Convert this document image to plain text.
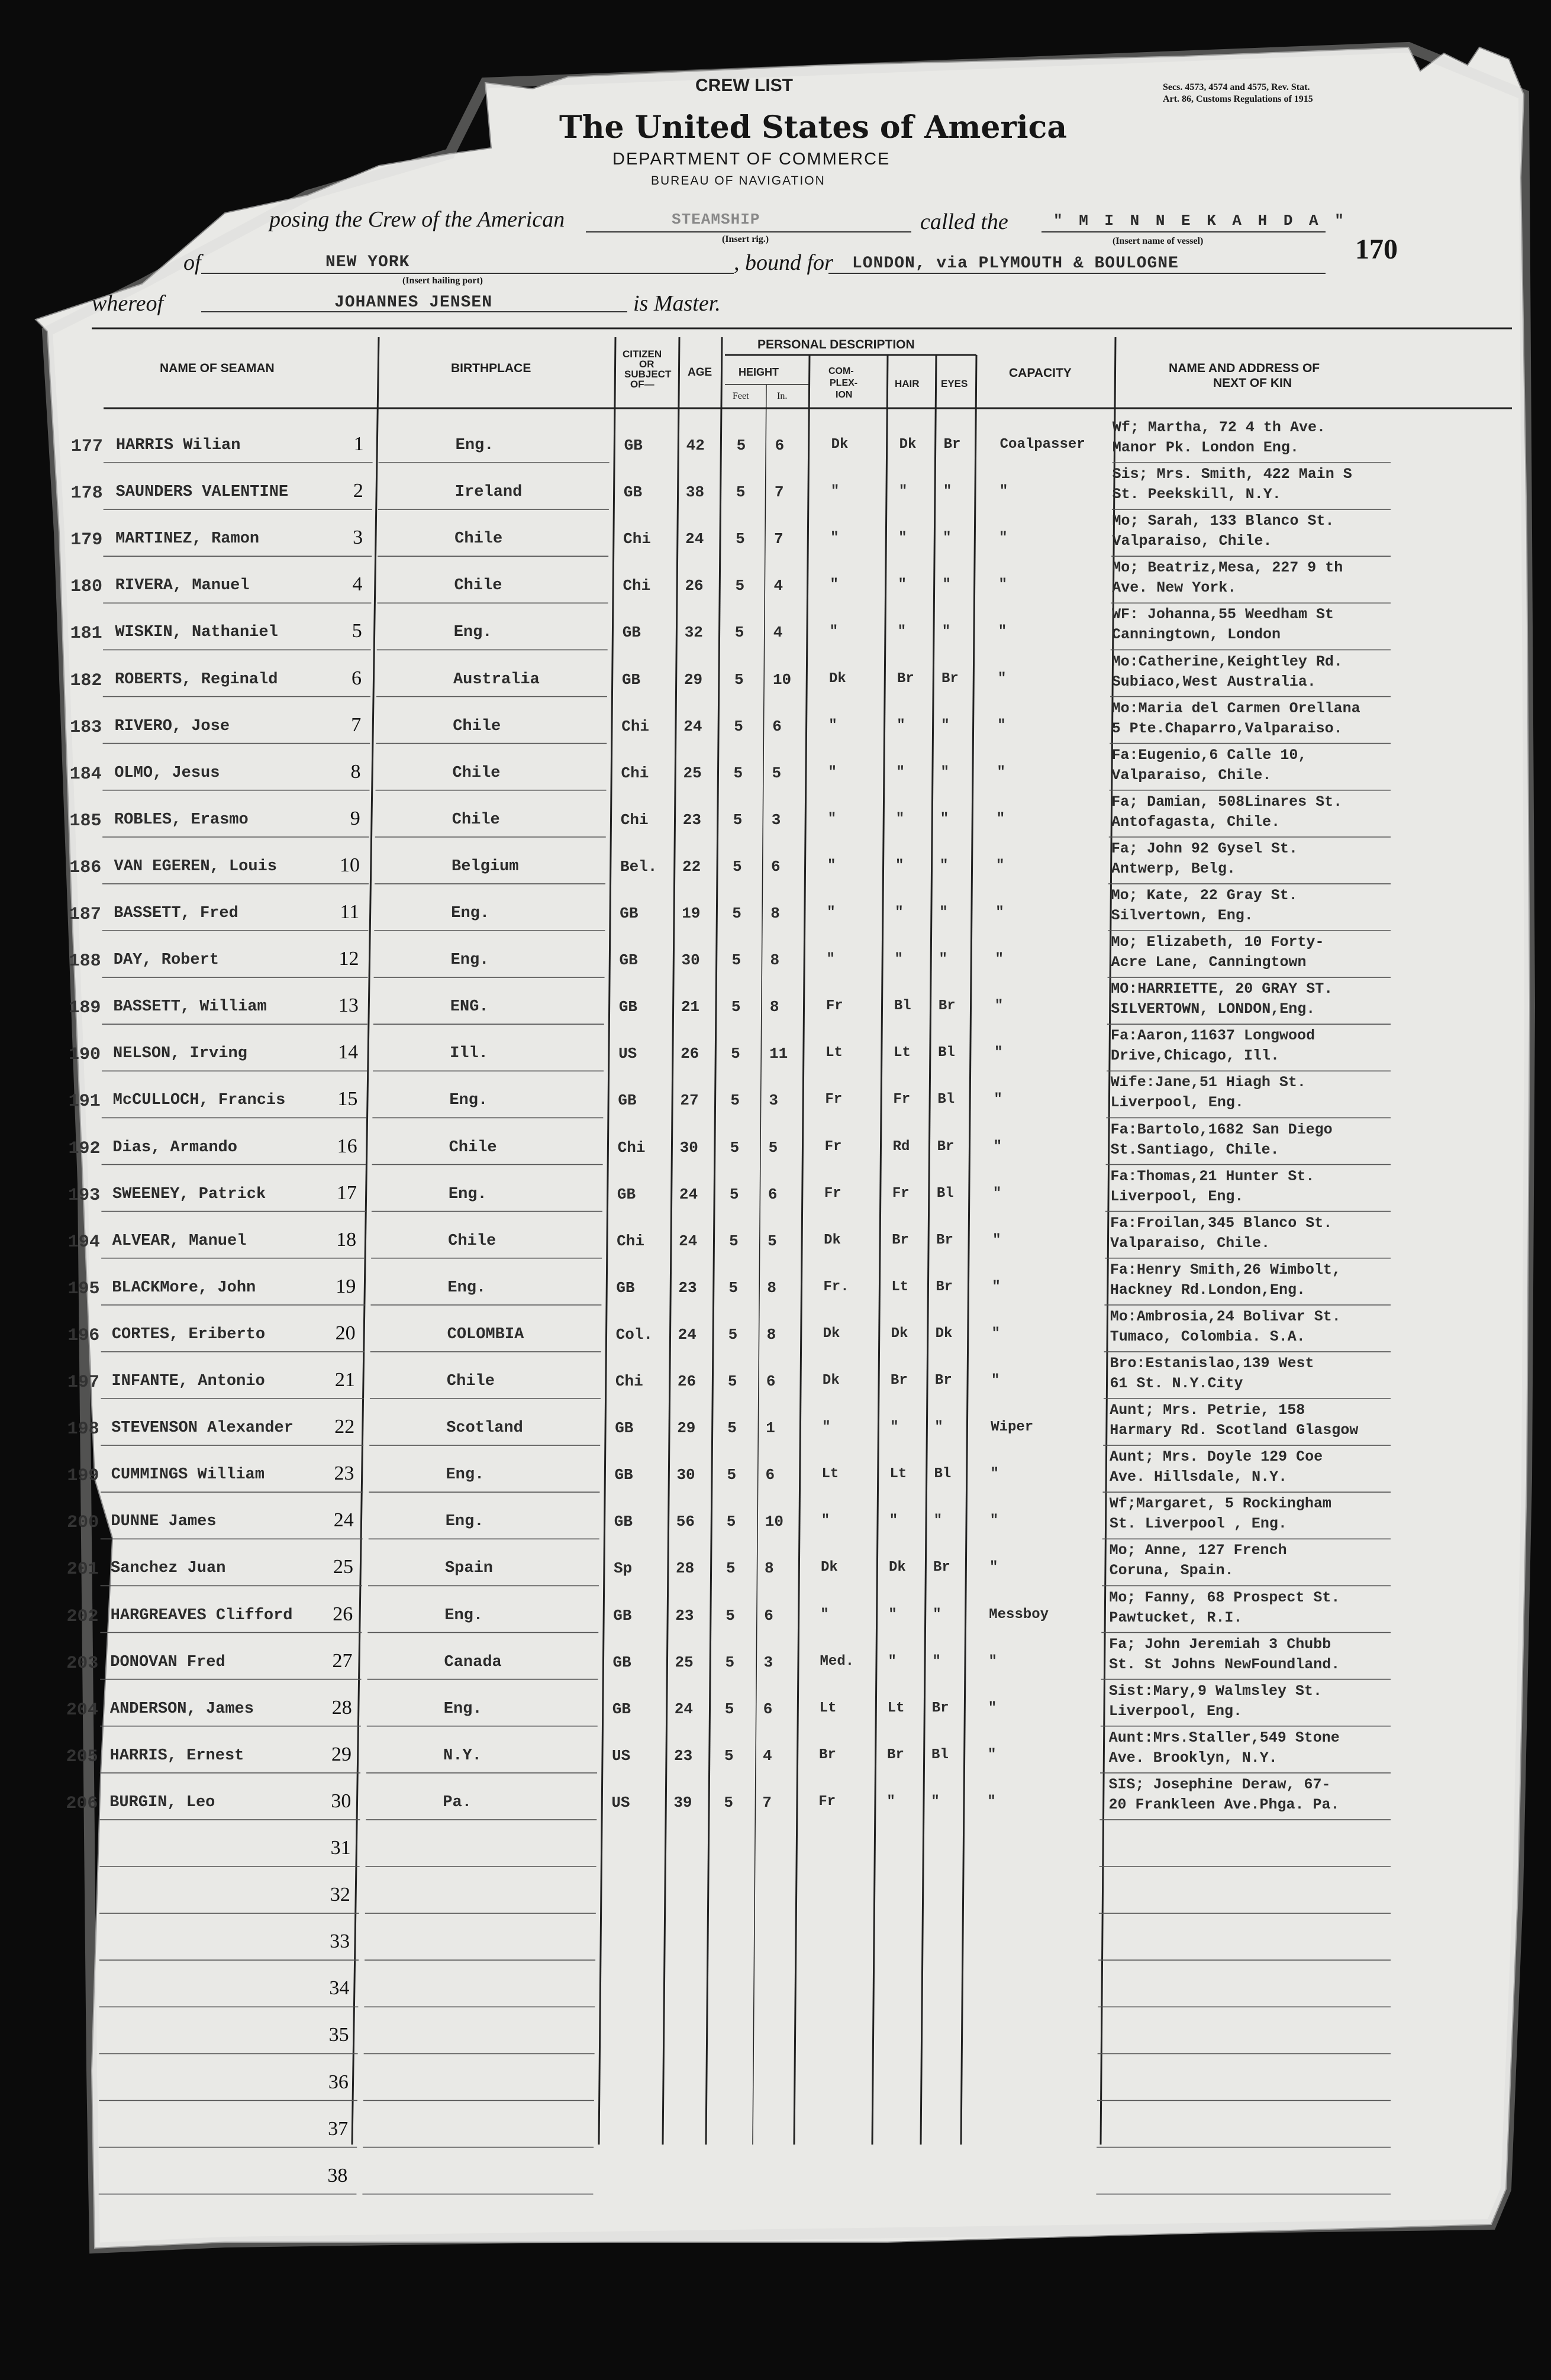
CREW LIST	Secs. 4573, 4574 and 4575, Rev. Stat.
Art. 86, Customs Regulations of 1915
The United States of America
DEPARTMENT OF COMMERCE
BUREAU OF NAVIGATION
170
posing the Crew of the American	STEAMSHIP
(Insert rig.)
called the	" M I N N E K A H D A "
(Insert name of vessel)
of	NEW YORK
(Insert hailing port)
, bound for LONDON, via PLYMOUTH & BOULOGNE
whereof	JOHANNES JENSEN	is Master.
NAME OF SEAMAN	BIRTHPLACE
CITIZEN
OR
SUBJECT
OF—
AGE
PERSONAL DESCRIPTION
HEIGHT
Feet	In.
COM-
PLEX-
ION
HAIR EYES
CAPACITY	NAME AND ADDRESS OF
NEXT OF KIN
177 HARRIS Wilian	1	Eng.	GB	42 5 6	Dk	Dk Br	Coalpasser
Wf; Martha, 72 4 th Ave.
Manor Pk. London Eng.
178 SAUNDERS VALENTINE	2	Ireland	GB	38 5 7	"	"	"	"
Sis; Mrs. Smith, 422 Main S
St. Peekskill, N.Y.
179 MARTINEZ, Ramon	3	Chile	Chi 24 5 7	"	"	"	"
Mo; Sarah, 133 Blanco St.
Valparaiso, Chile.
180 RIVERA, Manuel	4	Chile	Chi 26 5 4	"	"	"	"
Mo; Beatriz,Mesa, 227 9 th
Ave. New York.
181 WISKIN, Nathaniel	5	Eng.	GB	32 5 4	"	"	"	"
WF: Johanna,55 Weedham St
Canningtown, London
182 ROBERTS, Reginald	6	Australia	GB	29 5 10	Dk	Br Br	"
Mo:Catherine,Keightley Rd.
Subiaco,West Australia.
183 RIVERO, Jose	7	Chile	Chi 24 5 6	"	"	"	"
Mo:Maria del Carmen Orellana
5 Pte.Chaparro,Valparaiso.
184 OLMO, Jesus	8	Chile	Chi 25 5 5	"	"	"	"
Fa:Eugenio,6 Calle 10,
Valparaiso, Chile.
185 ROBLES, Erasmo	9	Chile	Chi 23 5 3	"	"	"	"
Fa; Damian, 508Linares St.
Antofagasta, Chile.
186 VAN EGEREN, Louis	10	Belgium	Bel. 22 5 6	"	"	"	"
Fa; John 92 Gysel St.
Antwerp, Belg.
187 BASSETT, Fred	11	Eng.	GB	19 5 8	"	"	"	"
Mo; Kate, 22 Gray St.
Silvertown, Eng.
188 DAY, Robert	12	Eng.	GB	30 5 8	"	"	"	"
Mo; Elizabeth, 10 Forty-
Acre Lane, Canningtown
189 BASSETT, William	13	ENG.	GB	21 5 8	Fr	Bl Br	"
MO:HARRIETTE, 20 GRAY ST.
SILVERTOWN, LONDON,Eng.
190 NELSON, Irving	14	Ill.	US	26 5 11	Lt	Lt Bl	"
Fa:Aaron,11637 Longwood
Drive,Chicago, Ill.
191 McCULLOCH, Francis	15	Eng.	GB	27 5 3	Fr	Fr Bl	"
Wife:Jane,51 Hiagh St.
Liverpool, Eng.
192 Dias, Armando	16	Chile	Chi 30 5 5	Fr	Rd Br	"
Fa:Bartolo,1682 San Diego
St.Santiago, Chile.
193 SWEENEY, Patrick	17	Eng.	GB	24 5 6	Fr	Fr Bl	"
Fa:Thomas,21 Hunter St.
Liverpool, Eng.
194 ALVEAR, Manuel	18	Chile	Chi 24 5 5	Dk	Br Br	"
Fa:Froilan,345 Blanco St.
Valparaiso, Chile.
195 BLACKMore, John	19	Eng.	GB	23 5 8	Fr.	Lt Br	"
Fa:Henry Smith,26 Wimbolt,
Hackney Rd.London,Eng.
196 CORTES, Eriberto	20	COLOMBIA	Col. 24 5 8	Dk	Dk Dk	"
Mo:Ambrosia,24 Bolivar St.
Tumaco, Colombia. S.A.
197 INFANTE, Antonio	21	Chile	Chi 26 5 6	Dk	Br Br	"
Bro:Estanislao,139 West
61 St. N.Y.City
198 STEVENSON Alexander	22	Scotland	GB	29 5 1	"	"	"	Wiper
Aunt; Mrs. Petrie, 158
Harmary Rd. Scotland Glasgow
199 CUMMINGS William	23	Eng.	GB	30 5 6	Lt	Lt Bl	"
Aunt; Mrs. Doyle 129 Coe
Ave. Hillsdale, N.Y.
200 DUNNE James	24	Eng.	GB	56 5 10	"	"	"	"
Wf;Margaret, 5 Rockingham
St. Liverpool , Eng.
201 Sanchez Juan	25	Spain	Sp	28 5 8	Dk	Dk Br	"
Mo; Anne, 127 French
Coruna, Spain.
202 HARGREAVES Clifford	26	Eng.	GB	23 5 6	"	"	"	Messboy
Mo; Fanny, 68 Prospect St.
Pawtucket, R.I.
203 DONOVAN Fred	27	Canada	GB	25 5 3	Med. "	"	"
Fa; John Jeremiah 3 Chubb
St. St Johns NewFoundland.
204 ANDERSON, James	28	Eng.	GB	24 5 6	Lt	Lt Br	"
Sist:Mary,9 Walmsley St.
Liverpool, Eng.
205 HARRIS, Ernest	29	N.Y.	US	23 5 4	Br	Br Bl	"
Aunt:Mrs.Staller,549 Stone
Ave. Brooklyn, N.Y.
206 BURGIN, Leo	30	Pa.	US	39 5 7	Fr	"	"	"
SIS; Josephine Deraw, 67-
20 Frankleen Ave.Phga. Pa.
31
32
33
34
35
36
37
38
